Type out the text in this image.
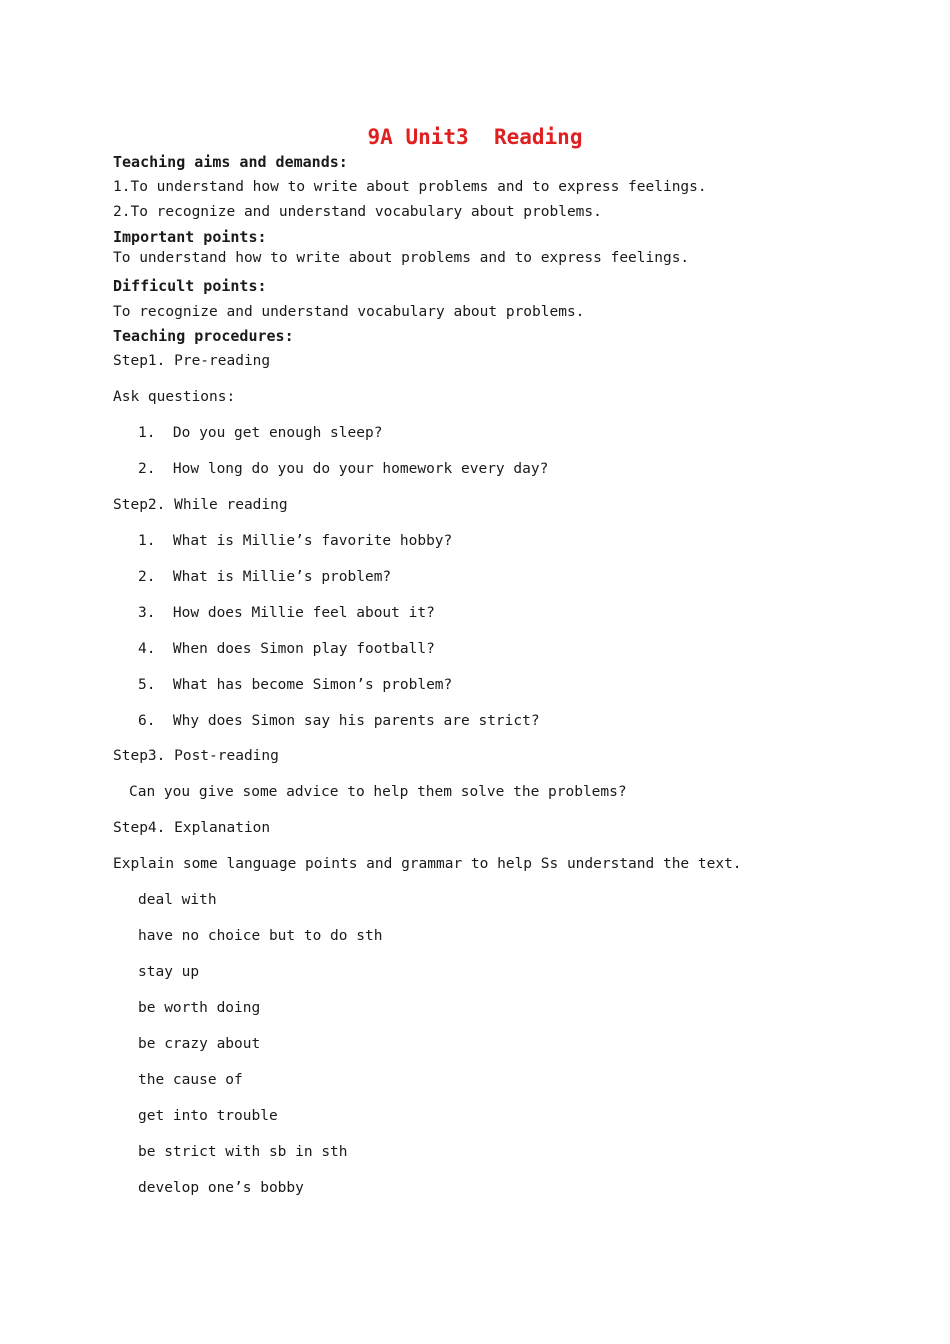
9A Unit3  Reading
Teaching aims and demands:
1.To understand how to write about problems and to express feelings.
2.To recognize and understand vocabulary about problems.
Important points:
To understand how to write about problems and to express feelings.
Difficult points:
To recognize and understand vocabulary about problems.
Teaching procedures:
Step1. Pre-reading
Ask questions:
1.  Do you get enough sleep?
2.  How long do you do your homework every day?
Step2. While reading
1.  What is Millie’s favorite hobby?
2.  What is Millie’s problem?
3.  How does Millie feel about it?
4.  When does Simon play football?
5.  What has become Simon’s problem?
6.  Why does Simon say his parents are strict?
Step3. Post-reading
Can you give some advice to help them solve the problems?
Step4. Explanation
Explain some language points and grammar to help Ss understand the text.
deal with
have no choice but to do sth
stay up
be worth doing
be crazy about
the cause of
get into trouble
be strict with sb in sth
develop one’s bobby
